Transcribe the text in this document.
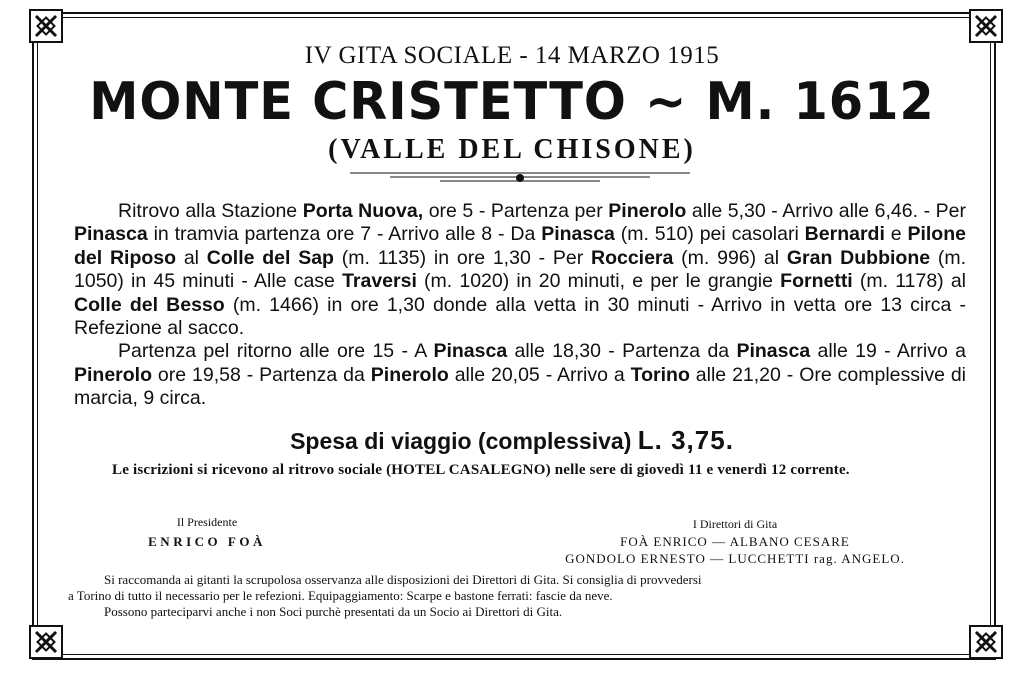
IV GITA SOCIALE - 14 MARZO 1915
MONTE CRISTETTO ~ M. 1612
(VALLE DEL CHISONE)

Ritrovo alla Stazione Porta Nuova, ore 5 - Partenza per Pinerolo alle 5,30 - Arrivo alle 6,46. - Per Pinasca in tramvia partenza ore 7 - Arrivo alle 8 - Da Pinasca (m. 510) pei casolari Bernardi e Pilone del Riposo al Colle del Sap (m. 1135) in ore 1,30 - Per Rocciera (m. 996) al Gran Dubbione (m. 1050) in 45 minuti - Alle case Traversi (m. 1020) in 20 minuti, e per le grangie Fornetti (m. 1178) al Colle del Besso (m. 1466) in ore 1,30 donde alla vetta in 30 minuti - Arrivo in vetta ore 13 circa - Refezione al sacco.

Partenza pel ritorno alle ore 15 - A Pinasca alle 18,30 - Partenza da Pinasca alle 19 - Arrivo a Pinerolo ore 19,58 - Partenza da Pinerolo alle 20,05 - Arrivo a Torino alle 21,20 - Ore complessive di marcia, 9 circa.

Spesa di viaggio (complessiva) L. 3,75.
Le iscrizioni si ricevono al ritrovo sociale (HOTEL CASALEGNO) nelle sere di giovedì 11 e venerdì 12 corrente.
Il Presidente
ENRICO FOÀ
I Direttori di Gita
FOÀ ENRICO — ALBANO CESARE
GONDOLO ERNESTO — LUCCHETTI rag. ANGELO.

Si raccomanda ai gitanti la scrupolosa osservanza alle disposizioni dei Direttori di Gita. Si consiglia di provvedersi

a Torino di tutto il necessario per le refezioni. Equipaggiamento: Scarpe e bastone ferrati: fascie da neve.

Possono parteciparvi anche i non Soci purchè presentati da un Socio ai Direttori di Gita.
